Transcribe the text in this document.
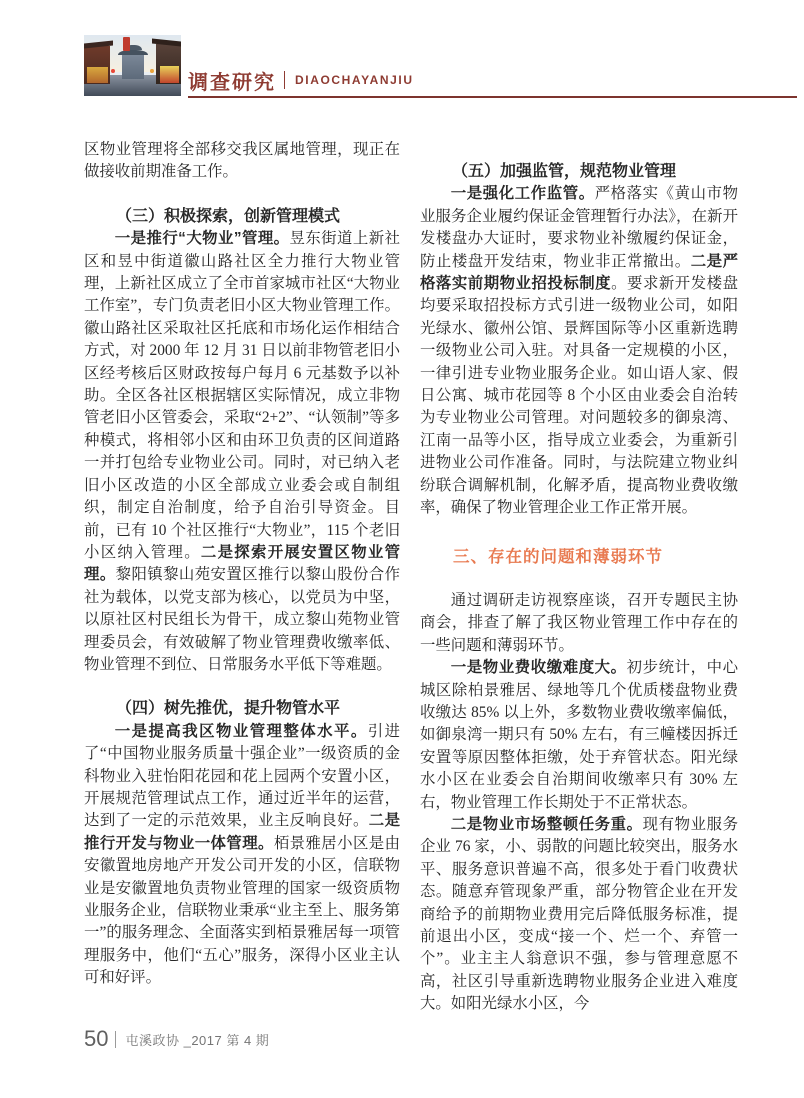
调查研究 DIAOCHAYANJIU

区物业管理将全部移交我区属地管理，现正在做接收前期准备工作。

（三）积极探索，创新管理模式

一是推行“大物业”管理。昱东街道上新社区和昱中街道徽山路社区全力推行大物业管理，上新社区成立了全市首家城市社区“大物业工作室”，专门负责老旧小区大物业管理工作。徽山路社区采取社区托底和市场化运作相结合方式，对 2000 年 12 月 31 日以前非物管老旧小区经考核后区财政按每户每月 6 元基数予以补助。全区各社区根据辖区实际情况，成立非物管老旧小区管委会，采取“2+2”、“认领制”等多种模式，将相邻小区和由环卫负责的区间道路一并打包给专业物业公司。同时，对已纳入老旧小区改造的小区全部成立业委会或自制组织，制定自治制度，给予自治引导资金。目前，已有 10 个社区推行“大物业”，115 个老旧小区纳入管理。二是探索开展安置区物业管理。黎阳镇黎山苑安置区推行以黎山股份合作社为载体，以党支部为核心，以党员为中坚，以原社区村民组长为骨干，成立黎山苑物业管理委员会，有效破解了物业管理费收缴率低、物业管理不到位、日常服务水平低下等难题。

（四）树先推优，提升物管水平

一是提高我区物业管理整体水平。引进了“中国物业服务质量十强企业”一级资质的金科物业入驻怡阳花园和花上园两个安置小区，开展规范管理试点工作，通过近半年的运营，达到了一定的示范效果，业主反响良好。二是推行开发与物业一体管理。栢景雅居小区是由安徽置地房地产开发公司开发的小区，信联物业是安徽置地负责物业管理的国家一级资质物业服务企业，信联物业秉承“业主至上、服务第一”的服务理念、全面落实到栢景雅居每一项管理服务中，他们“五心”服务，深得小区业主认可和好评。

（五）加强监管，规范物业管理

一是强化工作监管。严格落实《黄山市物业服务企业履约保证金管理暂行办法》，在新开发楼盘办大证时，要求物业补缴履约保证金，防止楼盘开发结束，物业非正常撤出。二是严格落实前期物业招投标制度。要求新开发楼盘均要采取招投标方式引进一级物业公司，如阳光绿水、徽州公馆、景辉国际等小区重新选聘一级物业公司入驻。对具备一定规模的小区，一律引进专业物业服务企业。如山语人家、假日公寓、城市花园等 8 个小区由业委会自治转为专业物业公司管理。对问题较多的御泉湾、江南一品等小区，指导成立业委会，为重新引进物业公司作准备。同时，与法院建立物业纠纷联合调解机制，化解矛盾，提高物业费收缴率，确保了物业管理企业工作正常开展。

三、存在的问题和薄弱环节

通过调研走访视察座谈，召开专题民主协商会，排查了解了我区物业管理工作中存在的一些问题和薄弱环节。

一是物业费收缴难度大。初步统计，中心城区除柏景雅居、绿地等几个优质楼盘物业费收缴达 85% 以上外，多数物业费收缴率偏低，如御泉湾一期只有 50% 左右，有三幢楼因拆迁安置等原因整体拒缴，处于弃管状态。阳光绿水小区在业委会自治期间收缴率只有 30% 左右，物业管理工作长期处于不正常状态。

二是物业市场整顿任务重。现有物业服务企业 76 家，小、弱散的问题比较突出，服务水平、服务意识普遍不高，很多处于看门收费状态。随意弃管现象严重，部分物管企业在开发商给予的前期物业费用完后降低服务标准，提前退出小区，变成“接一个、烂一个、弃管一个”。业主主人翁意识不强，参与管理意愿不高，社区引导重新选聘物业服务企业进入难度大。如阳光绿水小区，今

50 屯溪政协 _2017 第 4 期
